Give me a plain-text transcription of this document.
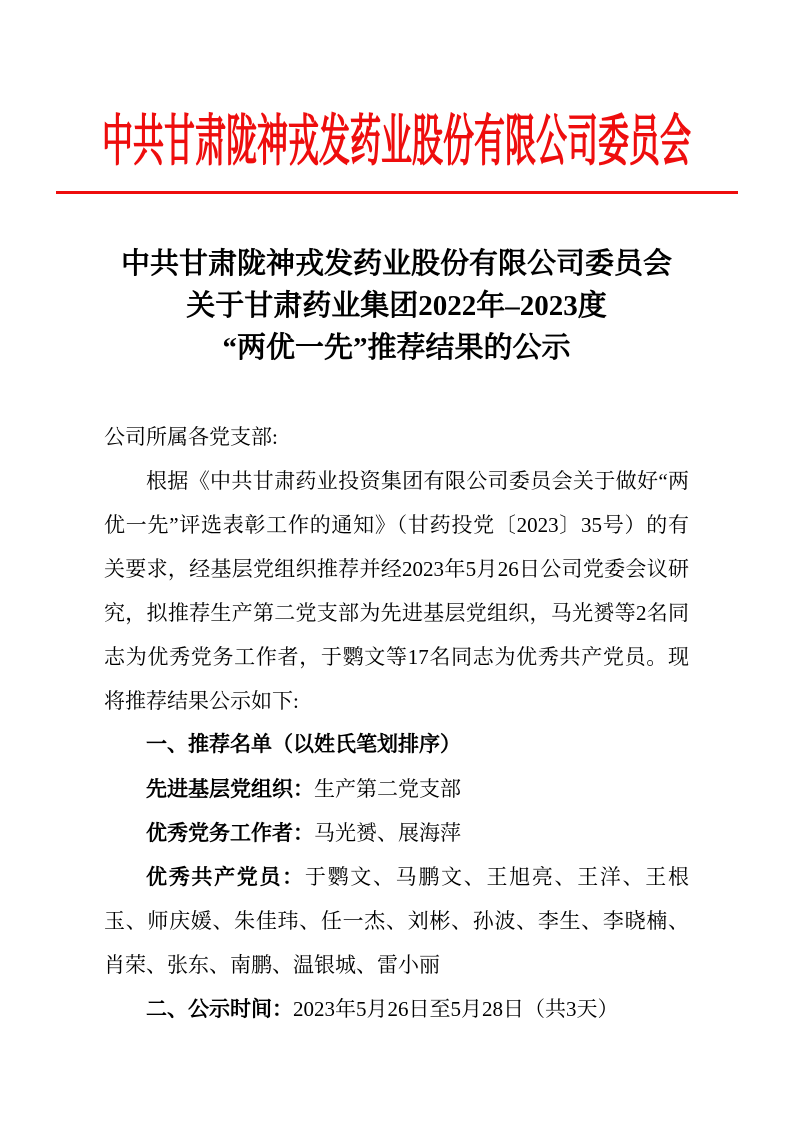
中共甘肃陇神戎发药业股份有限公司委员会
中共甘肃陇神戎发药业股份有限公司委员会
关于甘肃药业集团2022年–2023度
“两优一先”推荐结果的公示

公司所属各党支部:

根据《中共甘肃药业投资集团有限公司委员会关于做好“两优一先”评选表彰工作的通知》（甘药投党〔2023〕35号）的有关要求，经基层党组织推荐并经2023年5月26日公司党委会议研究，拟推荐生产第二党支部为先进基层党组织，马光赟等2名同志为优秀党务工作者，于鹦文等17名同志为优秀共产党员。现将推荐结果公示如下:

一、推荐名单（以姓氏笔划排序）

先进基层党组织：生产第二党支部

优秀党务工作者：马光赟、展海萍

优秀共产党员：于鹦文、马鹏文、王旭亮、王洋、王根玉、师庆媛、朱佳玮、任一杰、刘彬、孙波、李生、李晓楠、肖荣、张东、南鹏、温银城、雷小丽

二、公示时间：2023年5月26日至5月28日（共3天）
